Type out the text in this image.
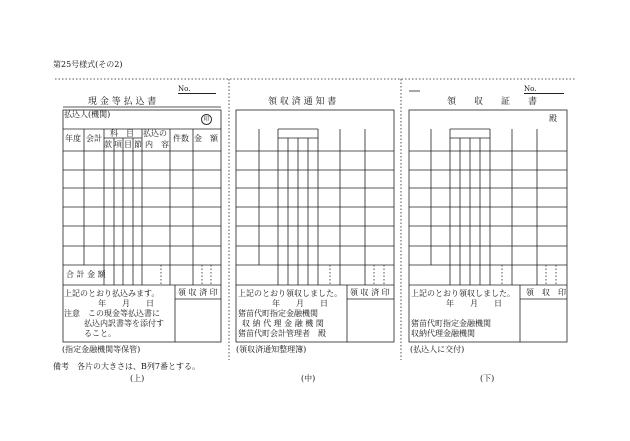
第25号様式(その2)
No.
現 金 等 払 込 書
払込人(機関)
印
年度 会計
科　目
款 項 目 節
払込の
内　容
件数 金　額
合 計 金 額
上記のとおり払込みます。
年　　月　　日
注意　この現金等払込書に
払込内訳書等を添付す
ること。
領 収 済 印
(指定金融機関等保管)
領 収 済 通 知 書
上記のとおり領収しました。
年　　月　　日
猪苗代町指定金融機関
収 納 代 理 金 融 機 関
猪苗代町会計管理者　殿
領 収 済 印
(領収済通知整理簿)
No.
領　　収　　証　　書
殿
上記のとおり領収しました。
年　　月　　日
猪苗代町指定金融機関
収納代理金融機関
領　収　印
(払込人に交付)
備考　各片の大きさは、B列7番とする。
(上)	(中)	(下)
